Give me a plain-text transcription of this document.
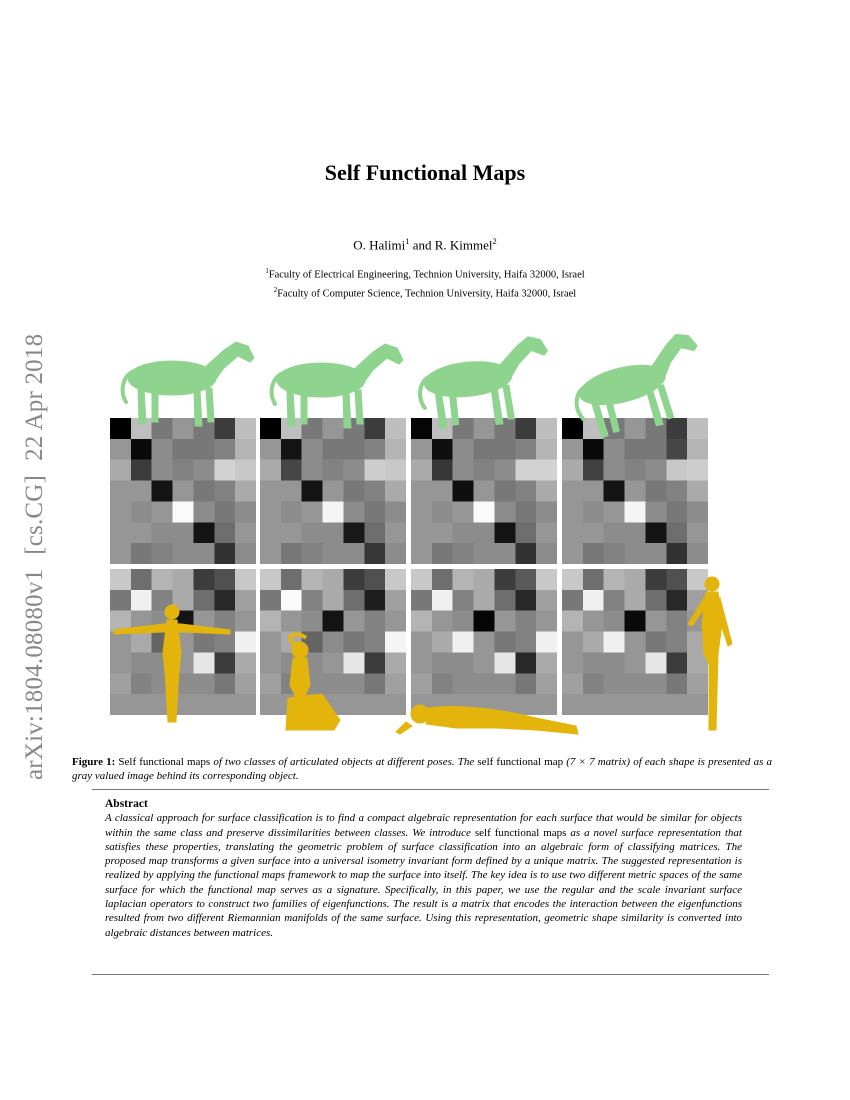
arXiv:1804.08080v1[cs.CG]22 Apr 2018
Self Functional Maps
O. Halimi$^1$ and R. Kimmel$^2$
$^1$Faculty of Electrical Engineering, Technion University, Haifa 32000, Israel
$^2$Faculty of Computer Science, Technion University, Haifa 32000, Israel
Figure 1: Self functional maps of two classes of articulated objects at different poses. The self functional map (7 × 7 matrix) of each shape is presented as a gray valued image behind its corresponding object.
Abstract
A classical approach for surface classification is to find a compact algebraic representation for each surface that would be similar for objects within the same class and preserve dissimilarities between classes. We introduce self functional maps as a novel surface representation that satisfies these properties, translating the geometric problem of surface classification into an algebraic form of classifying matrices. The proposed map transforms a given surface into a universal isometry invariant form defined by a unique matrix. The suggested representation is realized by applying the functional maps framework to map the surface into itself. The key idea is to use two different metric spaces of the same surface for which the functional map serves as a signature. Specifically, in this paper, we use the regular and the scale invariant surface laplacian operators to construct two families of eigenfunctions. The result is a matrix that encodes the interaction between the eigenfunctions resulted from two different Riemannian manifolds of the same surface. Using this representation, geometric shape similarity is converted into algebraic distances between matrices.
